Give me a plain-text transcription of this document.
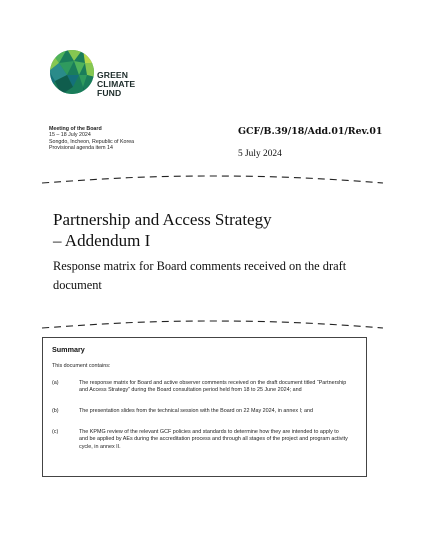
GREEN
CLIMATE
FUND
Meeting of the Board
15 – 18 July 2024
Songdo, Incheon, Republic of Korea
Provisional agenda item 14
GCF/B.39/18/Add.01/Rev.01
5 July 2024
Partnership and Access Strategy
– Addendum I
Response matrix for Board comments received on the draft document
Summary
This document contains:
(a)	The response matrix for Board and active observer comments received on the draft document titled “Partnership and Access Strategy” during the Board consultation period held from 18 to 25 June 2024; and
(b)	The presentation slides from the technical session with the Board on 22 May 2024, in annex I; and
(c)	The KPMG review of the relevant GCF policies and standards to determine how they are intended to apply to and be applied by AEs during the accreditation process and through all stages of the project and program activity cycle, in annex II.
